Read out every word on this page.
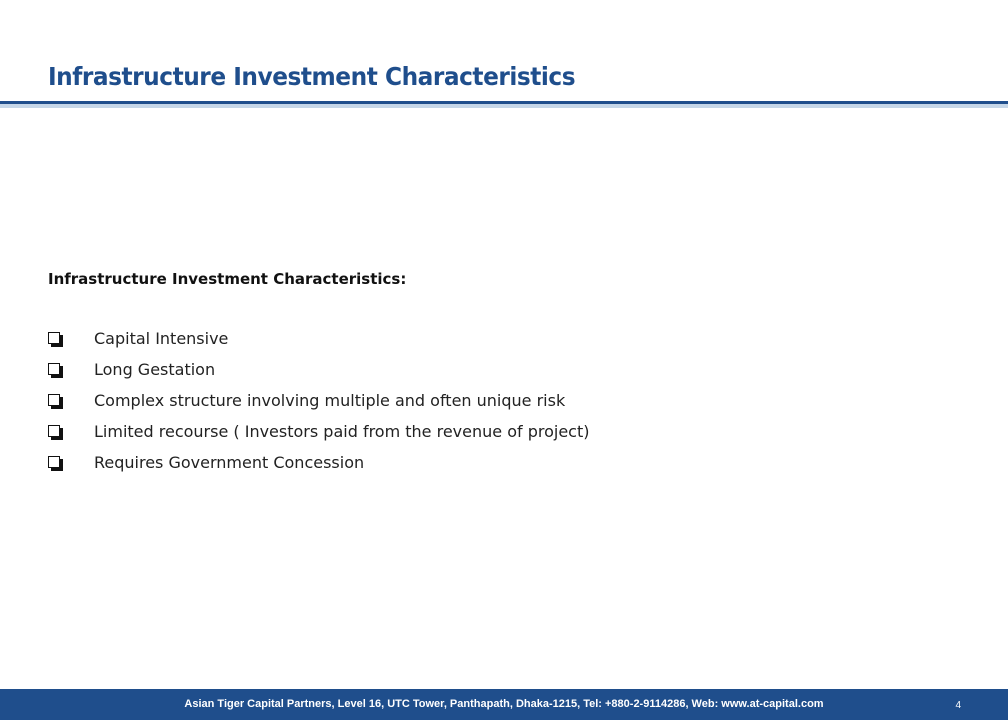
Infrastructure Investment Characteristics
Infrastructure Investment Characteristics:
Capital Intensive
Long Gestation
Complex structure involving multiple and often unique risk
Limited recourse ( Investors paid from the revenue of project)
Requires Government Concession
Asian Tiger Capital Partners, Level 16, UTC Tower, Panthapath, Dhaka-1215, Tel: +880-2-9114286, Web: www.at-capital.com	4
